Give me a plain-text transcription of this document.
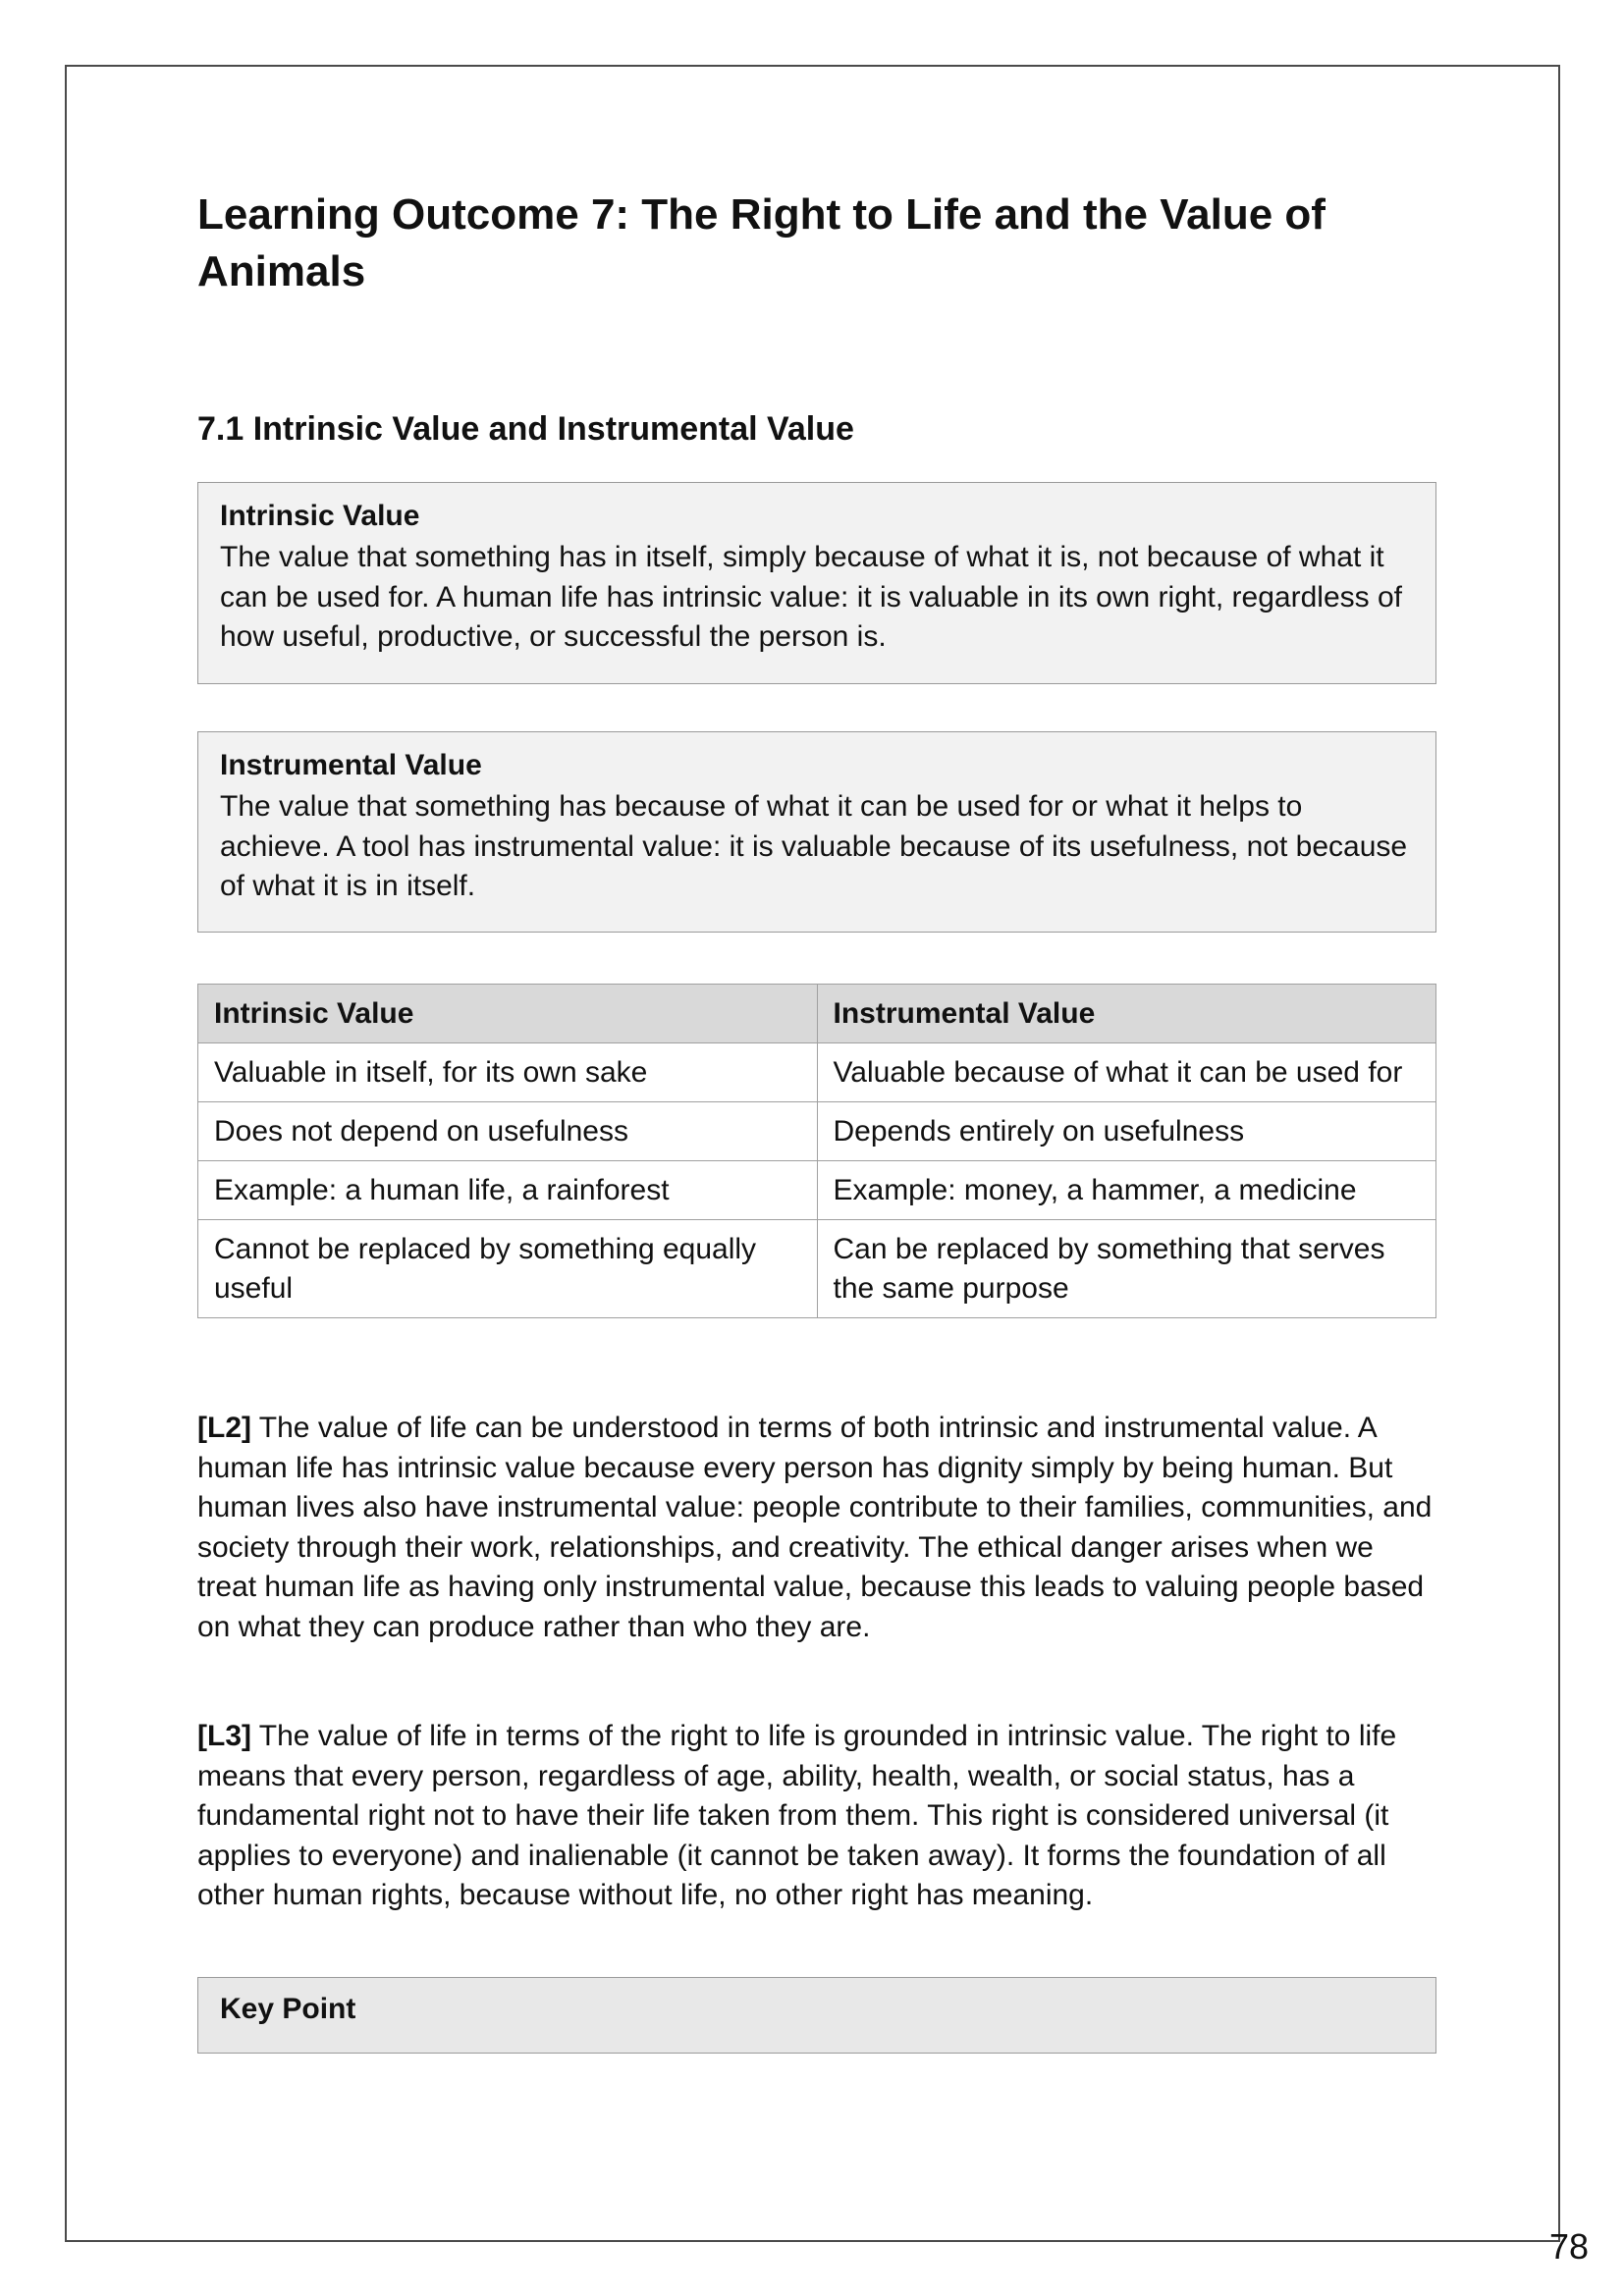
Learning Outcome 7: The Right to Life and the Value of Animals
7.1 Intrinsic Value and Instrumental Value
Intrinsic Value
The value that something has in itself, simply because of what it is, not because of what it can be used for. A human life has intrinsic value: it is valuable in its own right, regardless of how useful, productive, or successful the person is.
Instrumental Value
The value that something has because of what it can be used for or what it helps to achieve. A tool has instrumental value: it is valuable because of its usefulness, not because of what it is in itself.
Intrinsic Value	Instrumental Value
Valuable in itself, for its own sake	Valuable because of what it can be used for
Does not depend on usefulness	Depends entirely on usefulness
Example: a human life, a rainforest	Example: money, a hammer, a medicine
Cannot be replaced by something equally useful	Can be replaced by something that serves the same purpose

[L2] The value of life can be understood in terms of both intrinsic and instrumental value. A human life has intrinsic value because every person has dignity simply by being human. But human lives also have instrumental value: people contribute to their families, communities, and society through their work, relationships, and creativity. The ethical danger arises when we treat human life as having only instrumental value, because this leads to valuing people based on what they can produce rather than who they are.

[L3] The value of life in terms of the right to life is grounded in intrinsic value. The right to life means that every person, regardless of age, ability, health, wealth, or social status, has a fundamental right not to have their life taken from them. This right is considered universal (it applies to everyone) and inalienable (it cannot be taken away). It forms the foundation of all other human rights, because without life, no other right has meaning.

Key Point
78
